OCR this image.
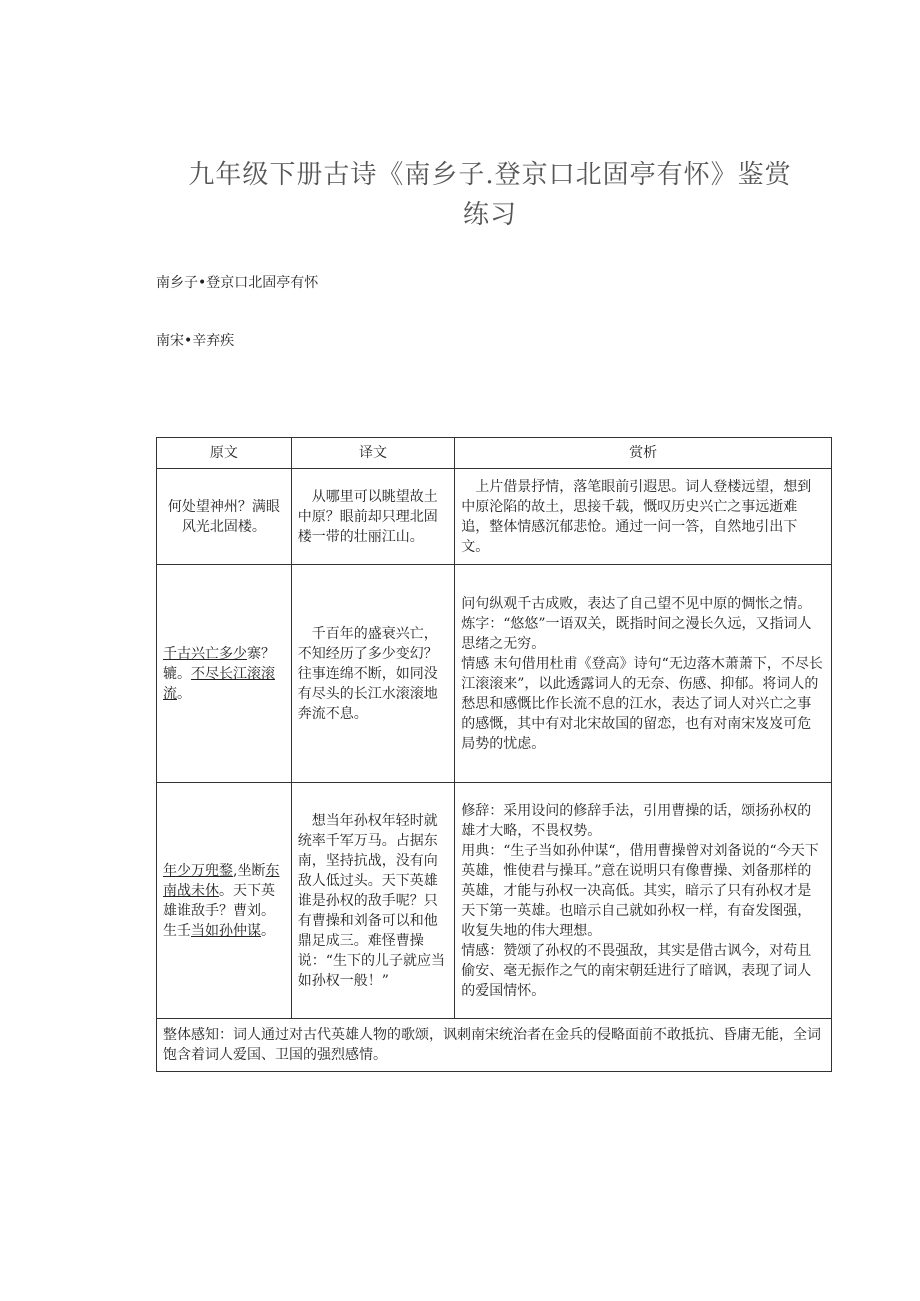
九年级下册古诗《南乡子.登京口北固亭有怀》鉴赏练习
南乡子•登京口北固亭有怀
南宋•辛弃疾
原文	译文	赏析
何处望神州？满眼风光北固楼。	从哪里可以眺望故土中原？眼前却只理北固楼一带的壮丽江山。	上片借景抒情，落笔眼前引遐思。词人登楼远望，想到中原沦陷的故土，思接千载，慨叹历史兴亡之事远逝难追，整体情感沉郁悲怆。通过一问一答，自然地引出下文。

千古兴亡多少寨？辘。不尽长江滚滚流。	千百年的盛衰兴亡，不知经历了多少变幻？往事连绵不断，如同没有尽头的长江水滚滚地奔流不息。	问句纵观千古成败，表达了自己望不见中原的惆怅之情。

炼字：“悠悠”一语双关，既指时间之漫长久远，又指词人思绪之无穷。

情感 末句借用杜甫《登高》诗句“无边落木萧萧下，不尽长江滚滚来”，以此透露词人的无奈、伤感、抑郁。将词人的愁思和感慨比作长流不息的江水，表达了词人对兴亡之事的感慨，其中有对北宋故国的留恋，也有对南宋岌岌可危局势的忧虑。

年少万兜鍪,坐断东南战未休。天下英雄谁敌手？曹刘。生壬当如孙仲谋。	想当年孙权年轻时就统率千军万马。占据东南，坚持抗战，没有向敌人低过头。天下英雄谁是孙权的敌手呢？只有曹操和刘备可以和他鼎足成三。难怪曹操说：“生下的儿子就应当如孙权一般！”	修辞：采用设问的修辞手法，引用曹操的话，颂扬孙权的雄才大略，不畏权势。

用典：“生子当如孙仲谋“，借用曹操曾对刘备说的“今天下英雄，惟使君与操耳。”意在说明只有像曹操、刘备那样的英雄，才能与孙权一决高低。其实，暗示了只有孙权才是天下第一英雄。也暗示自己就如孙权一样，有奋发图强，收复失地的伟大理想。

情感：赞颂了孙权的不畏强敌，其实是借古讽今，对苟且偷安、毫无振作之气的南宋朝廷进行了暗讽，表现了词人的爱国情怀。

整体感知：词人通过对古代英雄人物的歌颂，讽刺南宋统治者在金兵的侵略面前不敢抵抗、昏庸无能，全词饱含着词人爱国、卫国的强烈感情。		
